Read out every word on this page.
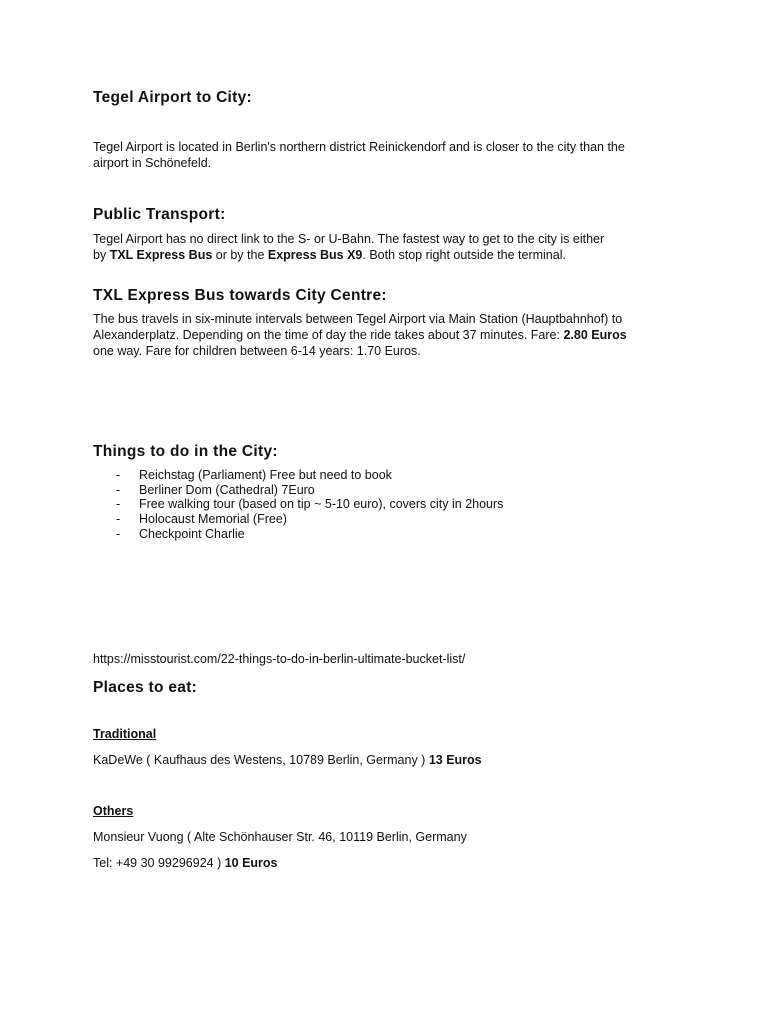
Tegel Airport to City:
Tegel Airport is located in Berlin's northern district Reinickendorf and is closer to the city than the
airport in Schönefeld.
Public Transport:
Tegel Airport has no direct link to the S- or U-Bahn. The fastest way to get to the city is either
by TXL Express Bus or by the Express Bus X9. Both stop right outside the terminal.
TXL Express Bus towards City Centre:
The bus travels in six-minute intervals between Tegel Airport via Main Station (Hauptbahnhof) to
Alexanderplatz. Depending on the time of day the ride takes about 37 minutes. Fare: 2.80 Euros
one way. Fare for children between 6-14 years: 1.70 Euros.
Things to do in the City:
- Reichstag (Parliament) Free but need to book
- Berliner Dom (Cathedral) 7Euro
- Free walking tour (based on tip ~ 5-10 euro), covers city in 2hours
- Holocaust Memorial (Free)
- Checkpoint Charlie
https://misstourist.com/22-things-to-do-in-berlin-ultimate-bucket-list/
Places to eat:
Traditional
KaDeWe ( Kaufhaus des Westens, 10789 Berlin, Germany ) 13 Euros
Others
Monsieur Vuong ( Alte Schönhauser Str. 46, 10119 Berlin, Germany
Tel: +49 30 99296924 ) 10 Euros
